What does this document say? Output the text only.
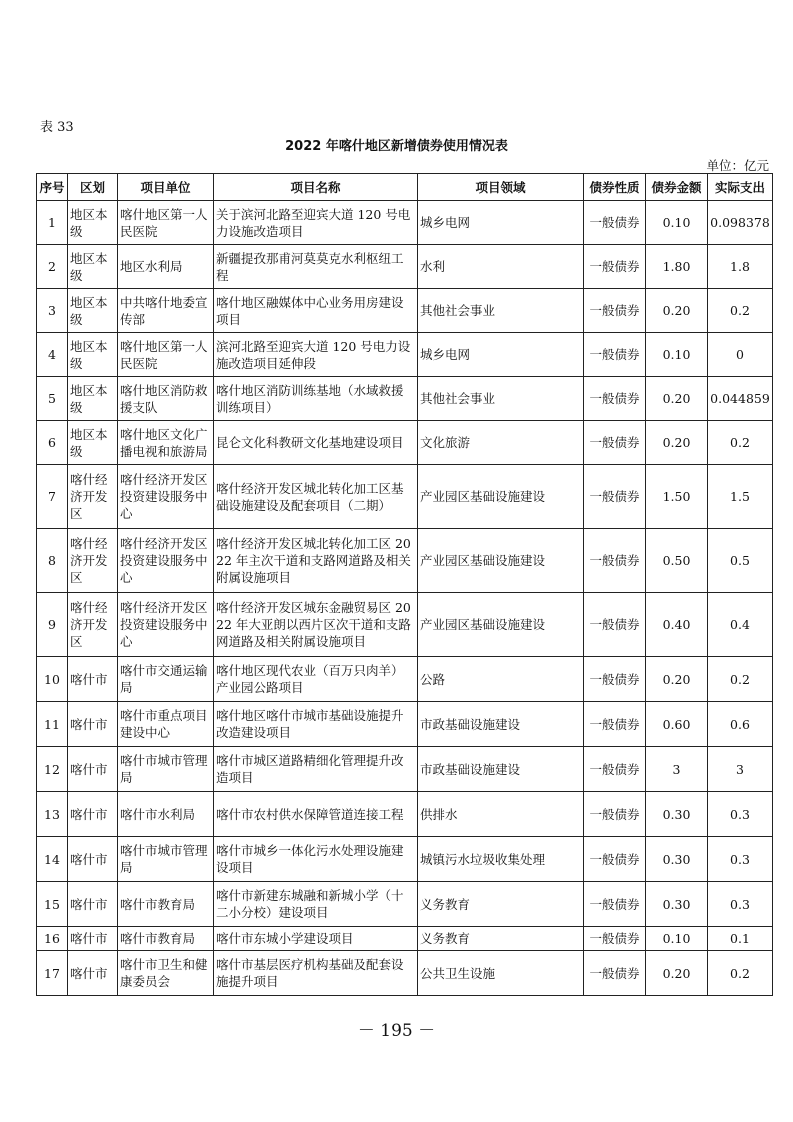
表 33
2022 年喀什地区新增债券使用情况表
单位：亿元
序号	区划	项目单位	项目名称	项目领域	债券性质	债券金额	实际支出
1	地区本级	喀什地区第一人民医院	关于滨河北路至迎宾大道 120 号电力设施改造项目	城乡电网	一般债券	0.10	0.098378
2	地区本级	地区水利局	新疆提孜那甫河莫莫克水利枢纽工程	水利	一般债券	1.80	1.8
3	地区本级	中共喀什地委宣传部	喀什地区融媒体中心业务用房建设项目	其他社会事业	一般债券	0.20	0.2
4	地区本级	喀什地区第一人民医院	滨河北路至迎宾大道 120 号电力设施改造项目延伸段	城乡电网	一般债券	0.10	0
5	地区本级	喀什地区消防救援支队	喀什地区消防训练基地（水域救援训练项目）	其他社会事业	一般债券	0.20	0.044859
6	地区本级	喀什地区文化广播电视和旅游局	昆仑文化科教研文化基地建设项目	文化旅游	一般债券	0.20	0.2
7	喀什经济开发区	喀什经济开发区投资建设服务中心	喀什经济开发区城北转化加工区基础设施建设及配套项目（二期）	产业园区基础设施建设	一般债券	1.50	1.5
8	喀什经济开发区	喀什经济开发区投资建设服务中心	喀什经济开发区城北转化加工区 2022 年主次干道和支路网道路及相关附属设施项目	产业园区基础设施建设	一般债券	0.50	0.5
9	喀什经济开发区	喀什经济开发区投资建设服务中心	喀什经济开发区城东金融贸易区 2022 年大亚朗以西片区次干道和支路网道路及相关附属设施项目	产业园区基础设施建设	一般债券	0.40	0.4
10	喀什市	喀什市交通运输局	喀什地区现代农业（百万只肉羊）产业园公路项目	公路	一般债券	0.20	0.2
11	喀什市	喀什市重点项目建设中心	喀什地区喀什市城市基础设施提升改造建设项目	市政基础设施建设	一般债券	0.60	0.6
12	喀什市	喀什市城市管理局	喀什市城区道路精细化管理提升改造项目	市政基础设施建设	一般债券	3	3
13	喀什市	喀什市水利局	喀什市农村供水保障管道连接工程	供排水	一般债券	0.30	0.3
14	喀什市	喀什市城市管理局	喀什市城乡一体化污水处理设施建设项目	城镇污水垃圾收集处理	一般债券	0.30	0.3
15	喀什市	喀什市教育局	喀什市新建东城融和新城小学（十二小分校）建设项目	义务教育	一般债券	0.30	0.3
16	喀什市	喀什市教育局	喀什市东城小学建设项目	义务教育	一般债券	0.10	0.1
17	喀什市	喀什市卫生和健康委员会	喀什市基层医疗机构基础及配套设施提升项目	公共卫生设施	一般债券	0.20	0.2
－ 195 －
